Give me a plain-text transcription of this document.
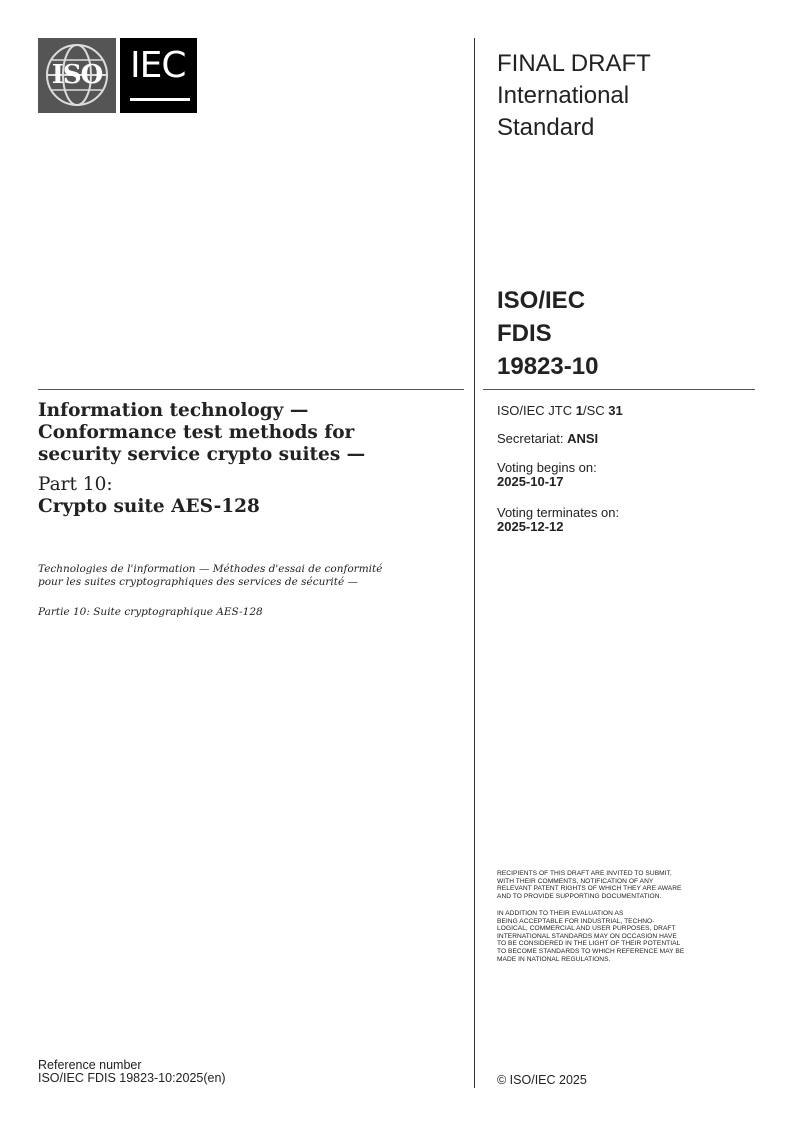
ISO IEC	FINAL DRAFT
International
Standard
ISO/IEC
FDIS
19823-10
ISO/IEC JTC 1/SC 31
Secretariat: ANSI
Voting begins on:
2025-10-17
Voting terminates on:
2025-12-12
Information technology —
Conformance test methods for
security service crypto suites —
Part 10:
Crypto suite AES-128
Technologies de l'information — Méthodes d'essai de conformité
pour les suites cryptographiques des services de sécurité —
Partie 10: Suite cryptographique AES-128
RECIPIENTS OF THIS DRAFT ARE INVITED TO SUBMIT,
WITH THEIR COMMENTS, NOTIFICATION OF ANY
RELEVANT PATENT RIGHTS OF WHICH THEY ARE AWARE
AND TO PROVIDE SUPPORTING DOCUMENTATION.
IN ADDITION TO THEIR EVALUATION AS
BEING ACCEPTABLE FOR INDUSTRIAL, TECHNO-
LOGICAL, COMMERCIAL AND USER PURPOSES, DRAFT
INTERNATIONAL STANDARDS MAY ON OCCASION HAVE
TO BE CONSIDERED IN THE LIGHT OF THEIR POTENTIAL
TO BECOME STANDARDS TO WHICH REFERENCE MAY BE
MADE IN NATIONAL REGULATIONS.
Reference number
ISO/IEC FDIS 19823-10:2025(en)	© ISO/IEC 2025
